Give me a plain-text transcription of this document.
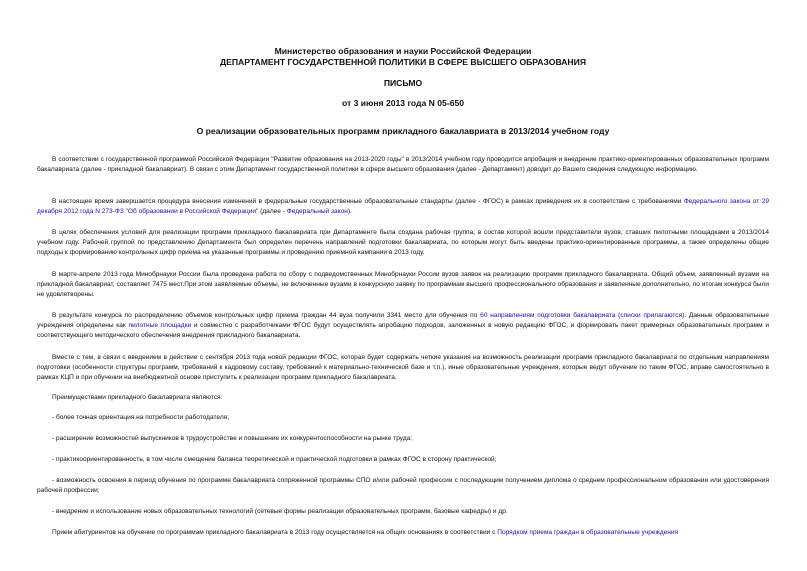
Министерство образования и науки Российской Федерации
ДЕПАРТАМЕНТ ГОСУДАРСТВЕННОЙ ПОЛИТИКИ В СФЕРЕ ВЫСШЕГО ОБРАЗОВАНИЯ
ПИСЬМО
от 3 июня 2013 года N 05-650
О реализации образовательных программ прикладного бакалавриата в 2013/2014 учебном году

В соответствии с государственной программой Российской Федерации "Развитие образования на 2013-2020 годы" в 2013/2014 учебном году проводится апробация и внедрение практико-ориентированных образовательных программ бакалавриата (далее - прикладной бакалавриат). В связи с этим Департамент государственной политики в сфере высшего образования (далее - Департамент) доводит до Вашего сведения следующую информацию.

В настоящее время завершается процедура внесения изменений в федеральные государственные образовательные стандарты (далее - ФГОС) в рамках приведения их в соответствие с требованиями Федерального закона от 29 декабря 2012 года N 273-ФЗ "Об образовании в Российской Федерации" (далее - Федеральный закон).

В целях обеспечения условий для реализации программ прикладного бакалавриата при Департаменте была создана рабочая группа, в состав которой вошли представители вузов, ставших пилотными площадками в 2013/2014 учебном году. Рабочей группой по представлению Департамента был определен перечень направлений подготовки бакалавриата, по которым могут быть введены практико-ориентированные программы, а также определены общие подходы к формированию контрольных цифр приема на указанные программы и проведению приемной кампании в 2013 году.

В марте-апреле 2013 года Минобрнауки России была проведена работа по сбору с подведомственных Минобрнауки России вузов заявок на реализацию программ прикладного бакалавриата. Общий объем, заявленный вузами на прикладной бакалавриат, составляет 7475 мест.При этом заявляемые объемы, не включенные вузами в конкурсную заявку по программам высшего профессионального образования и заявленные дополнительно, по итогам конкурса были не удовлетворены.

В результате конкурса по распределению объемов контрольных цифр приема граждан 44 вуза получили 3341 место для обучения по 60 направлениям подготовки бакалавриата (списки прилагаются). Данные образовательные учреждения определены как пилотные площадки и совместно с разработчиками ФГОС будут осуществлять апробацию подходов, заложенных в новую редакцию ФГОС, и формировать пакет примерных образовательных программ и соответствующего методического обеспечения внедрения прикладного бакалавриата.

Вместе с тем, в связи с введением в действие с сентября 2013 года новой редакции ФГОС, которая будет содержать четкие указания на возможность реализации программ прикладного бакалавриата по отдельным направлениям подготовки (особенности структуры программ, требований к кадровому составу, требований к материально-технической базе и т.п.), иные образовательные учреждения, которые ведут обучение по таким ФГОС, вправе самостоятельно в рамках КЦП и при обучении на внебюджетной основе приступить к реализации программ прикладного бакалавриата.

Преимуществами прикладного бакалавриата являются:

- более точная ориентация на потребности работодателя;

- расширение возможностей выпускников в трудоустройстве и повышение их конкурентоспособности на рынке труда;

- практикоориентированность, в том числе смещение баланса теоретической и практической подготовки в рамках ФГОС в сторону практической;

- возможность освоения в период обучения по программе бакалавриата сопряженной программы СПО и/или рабочей профессии с последующим получением диплома о среднем профессиональном образовании или удостоверения рабочей профессии;

- внедрение и использование новых образовательных технологий (сетевые формы реализации образовательных программ, базовые кафедры) и др.

Прием абитуриентов на обучение по программам прикладного бакалавриата в 2013 году осуществляется на общих основаниях в соответствии с Порядком приема граждан в образовательные учреждения
